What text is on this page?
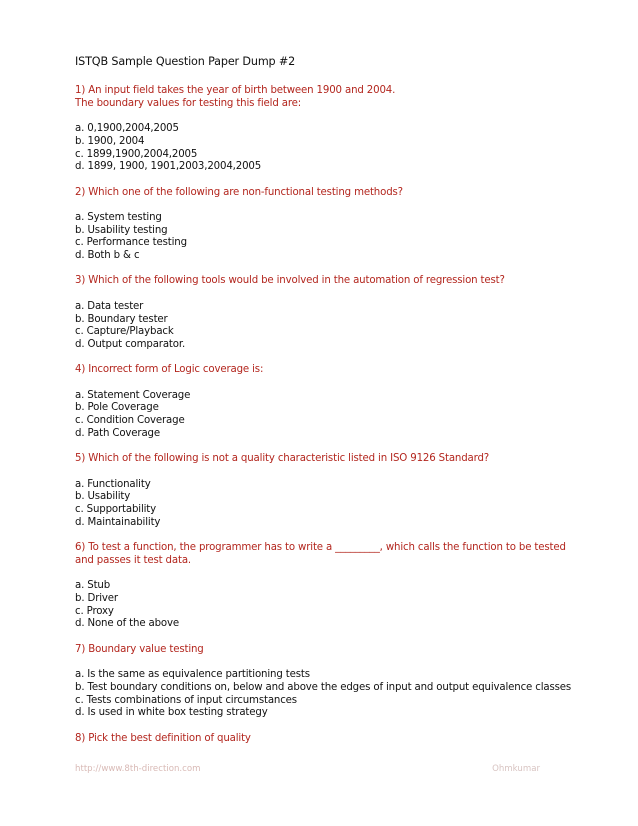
ISTQB Sample Question Paper Dump #2
1) An input field takes the year of birth between 1900 and 2004.
The boundary values for testing this field are:
a. 0,1900,2004,2005
b. 1900, 2004
c. 1899,1900,2004,2005
d. 1899, 1900, 1901,2003,2004,2005
2) Which one of the following are non-functional testing methods?
a. System testing
b. Usability testing
c. Performance testing
d. Both b & c
3) Which of the following tools would be involved in the automation of regression test?
a. Data tester
b. Boundary tester
c. Capture/Playback
d. Output comparator.
4) Incorrect form of Logic coverage is:
a. Statement Coverage
b. Pole Coverage
c. Condition Coverage
d. Path Coverage
5) Which of the following is not a quality characteristic listed in ISO 9126 Standard?
a. Functionality
b. Usability
c. Supportability
d. Maintainability
6) To test a function, the programmer has to write a _________, which calls the function to be tested
and passes it test data.
a. Stub
b. Driver
c. Proxy
d. None of the above
7) Boundary value testing
a. Is the same as equivalence partitioning tests
b. Test boundary conditions on, below and above the edges of input and output equivalence classes
c. Tests combinations of input circumstances
d. Is used in white box testing strategy
8) Pick the best definition of quality
http://www.8th-direction.com	Ohmkumar
